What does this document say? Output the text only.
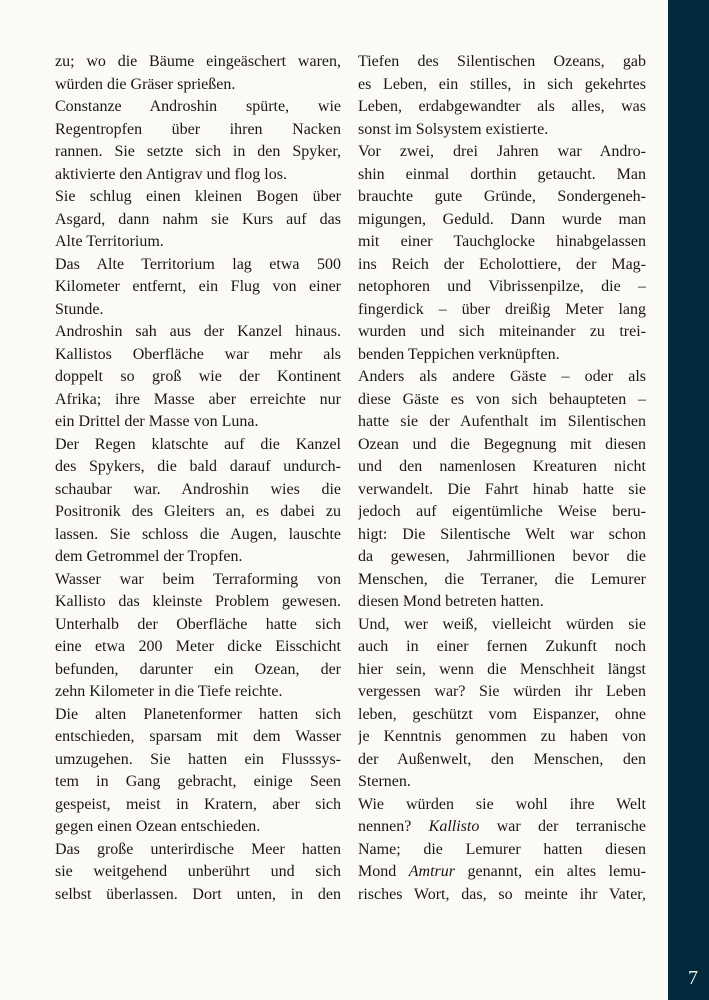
zu; wo die Bäume eingeäschert waren,
würden die Gräser sprießen.
Constanze Androshin spürte, wie
Regentropfen über ihren Nacken
rannen. Sie setzte sich in den Spyker,
aktivierte den Antigrav und flog los.
Sie schlug einen kleinen Bogen über
Asgard, dann nahm sie Kurs auf das
Alte Territorium.
Das Alte Territorium lag etwa 500
Kilometer entfernt, ein Flug von einer
Stunde.
Androshin sah aus der Kanzel hinaus.
Kallistos Oberfläche war mehr als
doppelt so groß wie der Kontinent
Afrika; ihre Masse aber erreichte nur
ein Drittel der Masse von Luna.
Der Regen klatschte auf die Kanzel
des Spykers, die bald darauf undurch-
schaubar war. Androshin wies die
Positronik des Gleiters an, es dabei zu
lassen. Sie schloss die Augen, lauschte
dem Getrommel der Tropfen.
Wasser war beim Terraforming von
Kallisto das kleinste Problem gewesen.
Unterhalb der Oberfläche hatte sich
eine etwa 200 Meter dicke Eisschicht
befunden, darunter ein Ozean, der
zehn Kilometer in die Tiefe reichte.
Die alten Planetenformer hatten sich
entschieden, sparsam mit dem Wasser
umzugehen. Sie hatten ein Flusssys-
tem in Gang gebracht, einige Seen
gespeist, meist in Kratern, aber sich
gegen einen Ozean entschieden.
Das große unterirdische Meer hatten
sie weitgehend unberührt und sich
selbst überlassen. Dort unten, in den
Tiefen des Silentischen Ozeans, gab
es Leben, ein stilles, in sich gekehrtes
Leben, erdabgewandter als alles, was
sonst im Solsystem existierte.
Vor zwei, drei Jahren war Andro-
shin einmal dorthin getaucht. Man
brauchte gute Gründe, Sondergeneh-
migungen, Geduld. Dann wurde man
mit einer Tauchglocke hinabgelassen
ins Reich der Echolottiere, der Mag-
netophoren und Vibrissenpilze, die –
fingerdick – über dreißig Meter lang
wurden und sich miteinander zu trei-
benden Teppichen verknüpften.
Anders als andere Gäste – oder als
diese Gäste es von sich behaupteten –
hatte sie der Aufenthalt im Silentischen
Ozean und die Begegnung mit diesen
und den namenlosen Kreaturen nicht
verwandelt. Die Fahrt hinab hatte sie
jedoch auf eigentümliche Weise beru-
higt: Die Silentische Welt war schon
da gewesen, Jahrmillionen bevor die
Menschen, die Terraner, die Lemurer
diesen Mond betreten hatten.
Und, wer weiß, vielleicht würden sie
auch in einer fernen Zukunft noch
hier sein, wenn die Menschheit längst
vergessen war? Sie würden ihr Leben
leben, geschützt vom Eispanzer, ohne
je Kenntnis genommen zu haben von
der Außenwelt, den Menschen, den
Sternen.
Wie würden sie wohl ihre Welt
nennen? Kallisto war der terranische
Name; die Lemurer hatten diesen
Mond Amtrur genannt, ein altes lemu-
risches Wort, das, so meinte ihr Vater,
7
